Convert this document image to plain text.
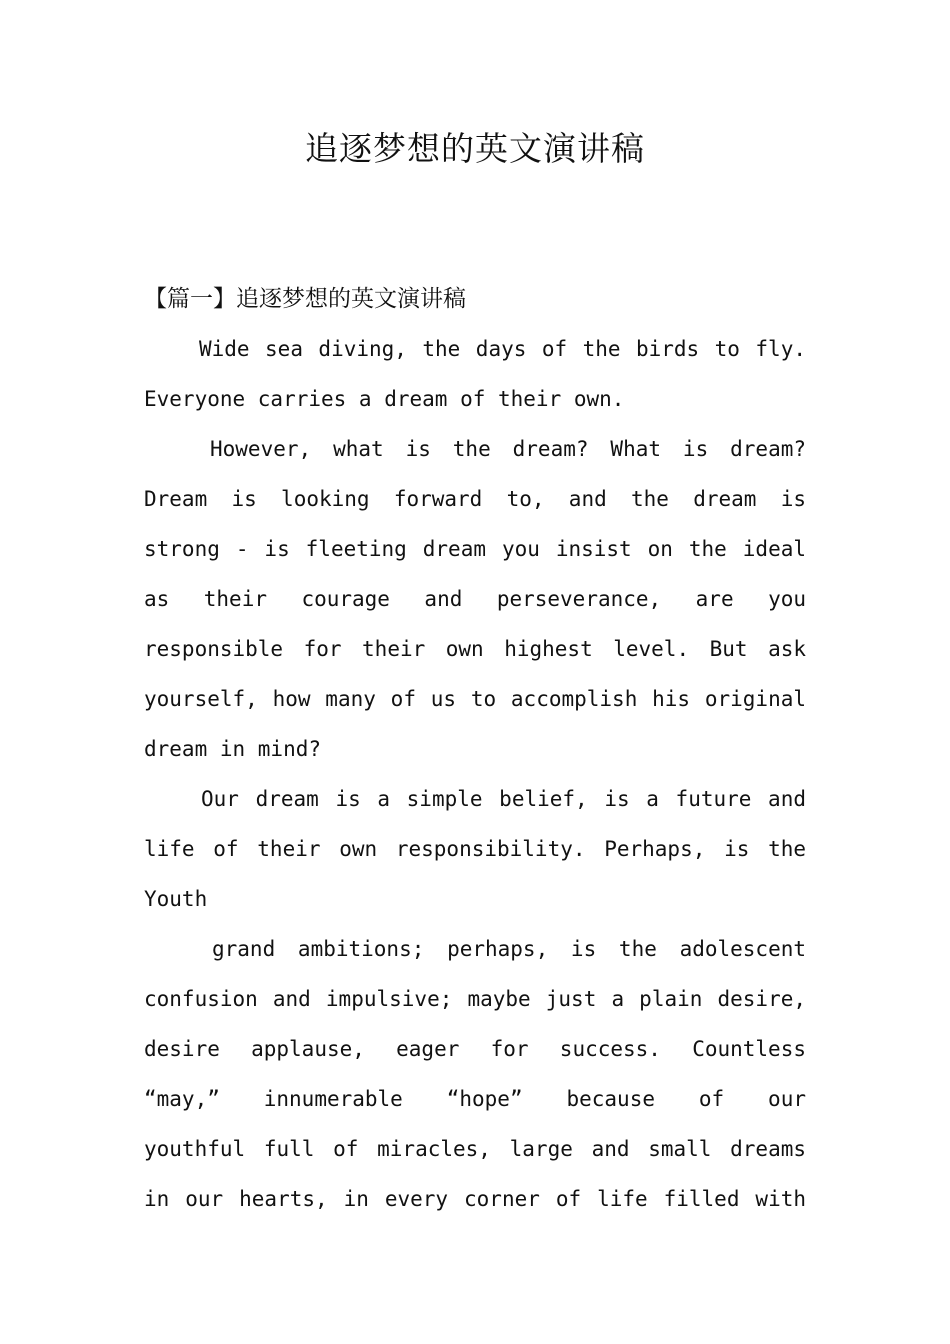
追逐梦想的英文演讲稿

【篇一】追逐梦想的英文演讲稿

Wide sea diving, the days of the birds to fly.

Everyone carries a dream of their own.

However, what is the dream? What is dream?

Dream is looking forward to, and the dream is

strong - is fleeting dream you insist on the ideal

as their courage and perseverance, are you

responsible for their own highest level. But ask

yourself, how many of us to accomplish his original

dream in mind?

Our dream is a simple belief, is a future and

life of their own responsibility. Perhaps, is the

Youth

grand ambitions; perhaps, is the adolescent

confusion and impulsive; maybe just a plain desire,

desire applause, eager for success. Countless

“may,” innumerable “hope” because of our

youthful full of miracles, large and small dreams

in our hearts, in every corner of life filled with
